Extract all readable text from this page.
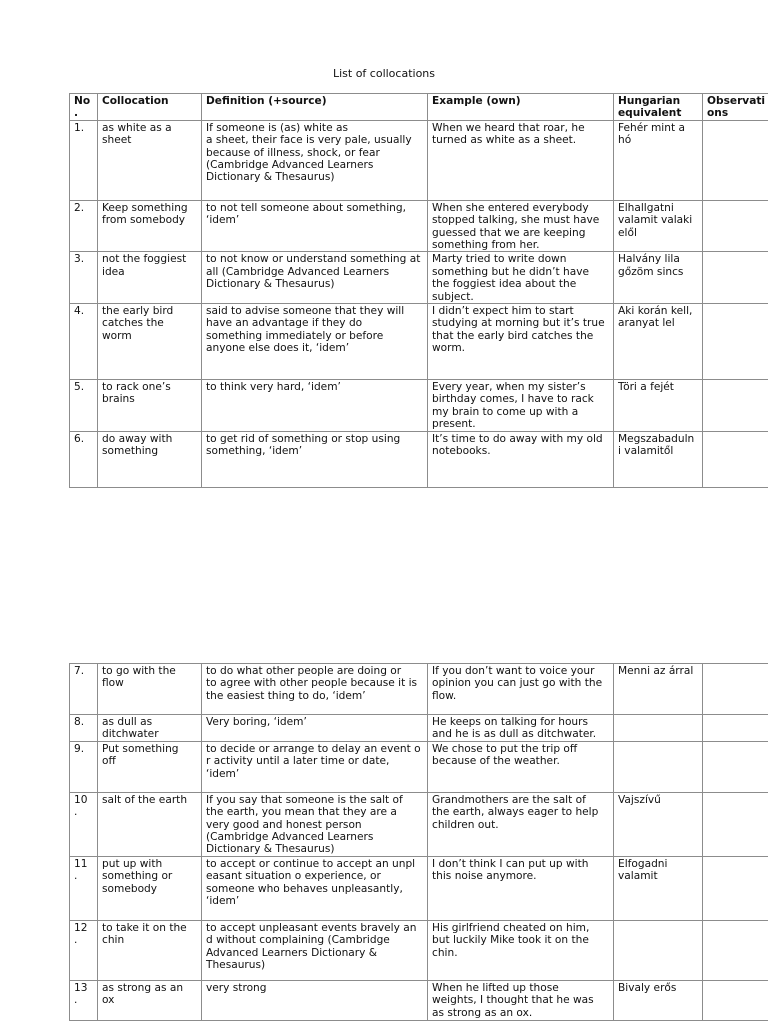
List of collocations
No
.	Collocation	Definition (+source)	Example (own)	Hungarian
equivalent	Observati
ons
1.	as white as a
sheet	If someone is (as) white as
a sheet, their face is very pale, usually
because of illness, shock, or fear
(Cambridge Advanced Learners
Dictionary & Thesaurus)	When we heard that roar, he
turned as white as a sheet.	Fehér mint a
hó	
2.	Keep something
from somebody	to not tell someone about something,
‘idem’	When she entered everybody
stopped talking, she must have
guessed that we are keeping
something from her.	Elhallgatni
valamit valaki
elől	
3.	not the foggiest
idea	to not know or understand something at
all (Cambridge Advanced Learners
Dictionary & Thesaurus)	Marty tried to write down
something but he didn’t have
the foggiest idea about the
subject.	Halvány lila
gőzöm sincs	
4.	the early bird
catches the
worm	said to advise someone that they will
have an advantage if they do
something immediately or before
anyone else does it, ‘idem’	I didn’t expect him to start
studying at morning but it’s true
that the early bird catches the
worm.	Aki korán kell,
aranyat lel	
5.	to rack one’s
brains	to think very hard, ‘idem’	Every year, when my sister’s
birthday comes, I have to rack
my brain to come up with a
present.	Töri a fejét	
6.	do away with
something	to get rid of something or stop using
something, ‘idem’	It’s time to do away with my old
notebooks.	Megszabaduln
i valamitől	
7.	to go with the
flow	to do what other people are doing or
to agree with other people because it is
the easiest thing to do, ‘idem’	If you don’t want to voice your
opinion you can just go with the
flow.	Menni az árral	
8.	as dull as
ditchwater	Very boring, ‘idem’	He keeps on talking for hours
and he is as dull as ditchwater.		
9.	Put something
off	to decide or arrange to delay an event o
r activity until a later time or date,
‘idem’	We chose to put the trip off
because of the weather.		
10
.	salt of the earth	If you say that someone is the salt of
the earth, you mean that they are a
very good and honest person
(Cambridge Advanced Learners
Dictionary & Thesaurus)	Grandmothers are the salt of
the earth, always eager to help
children out.	Vajszívű	
11
.	put up with
something or
somebody	to accept or continue to accept an unpl
easant situation o experience, or
someone who behaves unpleasantly,
‘idem’	I don’t think I can put up with
this noise anymore.	Elfogadni
valamit	
12
.	to take it on the
chin	to accept unpleasant events bravely an
d without complaining (Cambridge
Advanced Learners Dictionary &
Thesaurus)	His girlfriend cheated on him,
but luckily Mike took it on the
chin.		
13
.	as strong as an
ox	very strong	When he lifted up those
weights, I thought that he was
as strong as an ox.	Bivaly erős	
